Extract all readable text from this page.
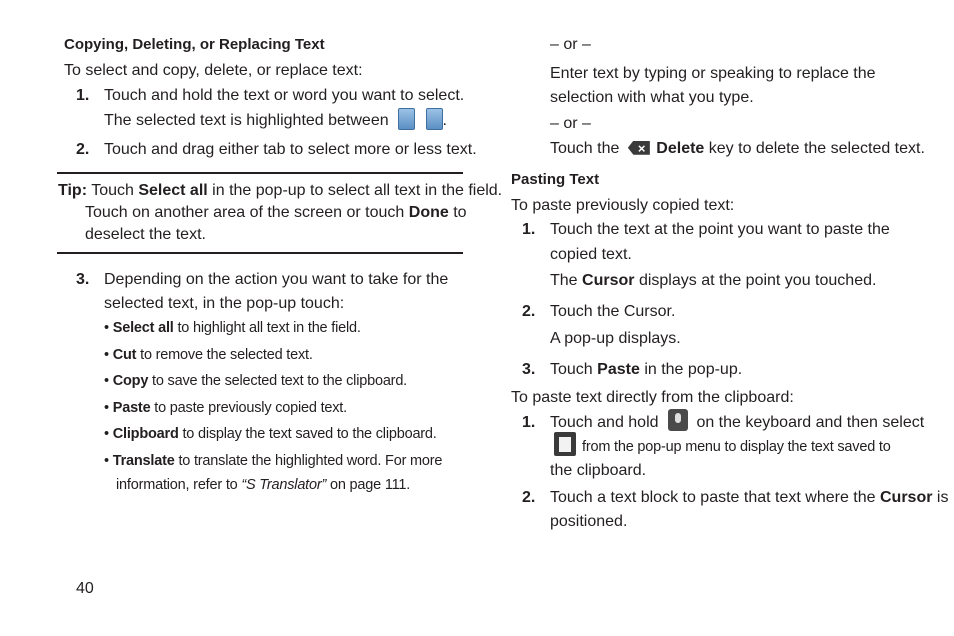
Copying, Deleting, or Replacing Text
To select and copy, delete, or replace text:
1. Touch and hold the text or word you want to select.
The selected text is highlighted between	.
2. Touch and drag either tab to select more or less text.
Tip: Touch Select all in the pop-up to select all text in the field.
Touch on another area of the screen or touch Done to
deselect the text.
3. Depending on the action you want to take for the
selected text, in the pop-up touch:
• Select all to highlight all text in the field.
• Cut to remove the selected text.
• Copy to save the selected text to the clipboard.
• Paste to paste previously copied text.
• Clipboard to display the text saved to the clipboard.
• Translate to translate the highlighted word. For more
information, refer to “S Translator” on page 111.
– or –
Enter text by typing or speaking to replace the
selection with what you type.
– or –
Touch the × Delete key to delete the selected text.
Pasting Text
To paste previously copied text:
1. Touch the text at the point you want to paste the
copied text.
The Cursor displays at the point you touched.
2. Touch the Cursor.
A pop-up displays.
3. Touch Paste in the pop-up.
To paste text directly from the clipboard:
1. Touch and hold on the keyboard and then select
from the pop-up menu to display the text saved to
the clipboard.
2. Touch a text block to paste that text where the Cursor is
positioned.
40
